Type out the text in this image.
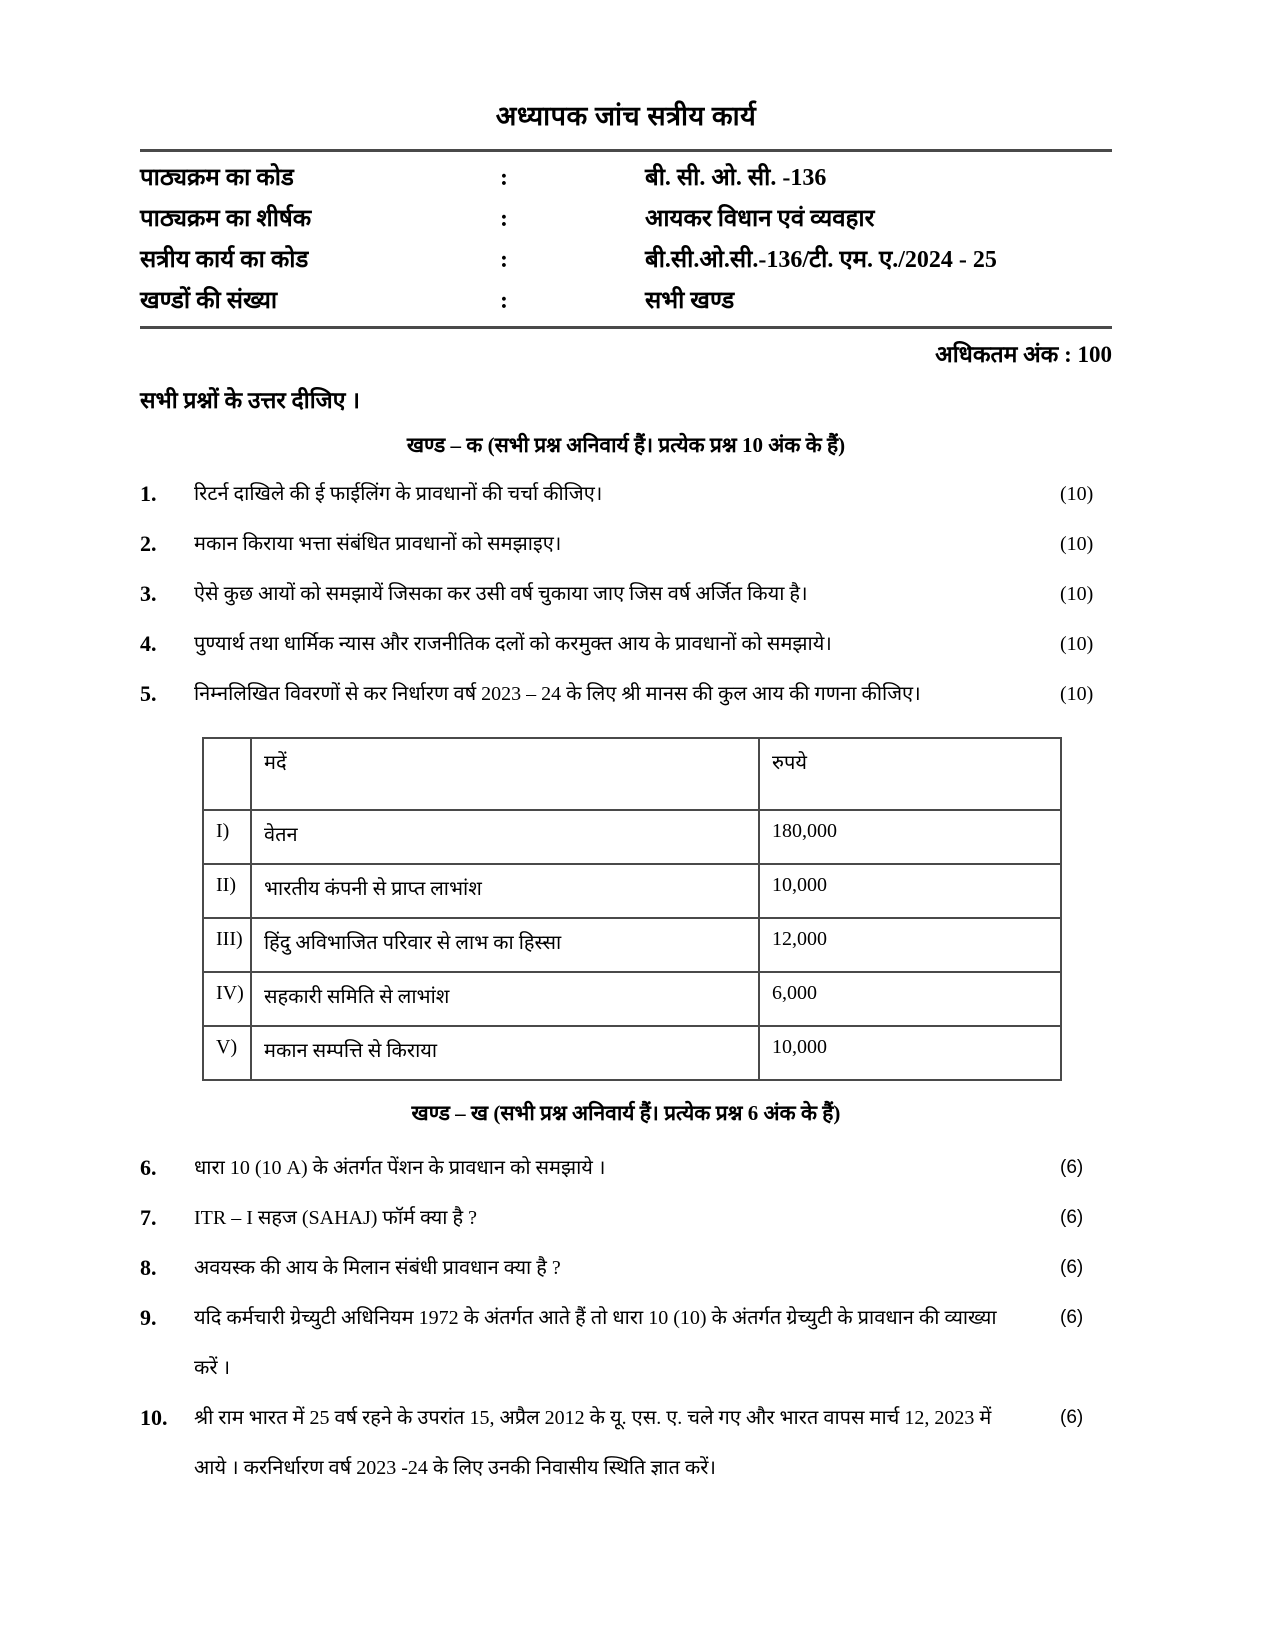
अध्यापक जांच सत्रीय कार्य
पाठ्यक्रम का कोड	:	बी. सी. ओ. सी. -136
पाठ्यक्रम का शीर्षक	:	आयकर विधान एवं व्यवहार
सत्रीय कार्य का कोड	:	बी.सी.ओ.सी.-136/टी. एम. ए./2024 - 25
खण्डों की संख्या	:	सभी खण्ड
अधिकतम अंक : 100
सभी प्रश्नों के उत्तर दीजिए ।
खण्ड – क (सभी प्रश्न अनिवार्य हैं। प्रत्येक प्रश्न 10 अंक के हैं)
1.	रिटर्न दाखिले की ई फाईलिंग के प्रावधानों की चर्चा कीजिए।	(10)
2.	मकान किराया भत्ता संबंधित प्रावधानों को समझाइए।	(10)
3.	ऐसे कुछ आयों को समझायें जिसका कर उसी वर्ष चुकाया जाए जिस वर्ष अर्जित किया है।	(10)
4.	पुण्यार्थ तथा धार्मिक न्यास और राजनीतिक दलों को करमुक्त आय के प्रावधानों को समझाये।	(10)
5.	निम्नलिखित विवरणों से कर निर्धारण वर्ष 2023 – 24 के लिए श्री मानस की कुल आय की गणना कीजिए।	(10)
	मदें	रुपये
I)	वेतन	180,000
II)	भारतीय कंपनी से प्राप्त लाभांश	10,000
III)	हिंदु अविभाजित परिवार से लाभ का हिस्सा	12,000
IV)	सहकारी समिति से लाभांश	6,000
V)	मकान सम्पत्ति से किराया	10,000
खण्ड – ख (सभी प्रश्न अनिवार्य हैं। प्रत्येक प्रश्न 6 अंक के हैं)
6.	धारा 10 (10 A) के अंतर्गत पेंशन के प्रावधान को समझाये ।	(6)
7.	ITR – I सहज (SAHAJ) फॉर्म क्या है ?	(6)
8.	अवयस्क की आय के मिलान संबंधी प्रावधान क्या है ?	(6)
9.	यदि कर्मचारी ग्रेच्युटी अधिनियम 1972 के अंतर्गत आते हैं तो धारा 10 (10) के अंतर्गत ग्रेच्युटी के प्रावधान की व्याख्या करें ।
(6)
10.	श्री राम भारत में 25 वर्ष रहने के उपरांत 15, अप्रैल 2012 के यू. एस. ए. चले गए और भारत वापस मार्च 12, 2023 में आये । करनिर्धारण वर्ष 2023 -24 के लिए उनकी निवासीय स्थिति ज्ञात करें।
(6)
